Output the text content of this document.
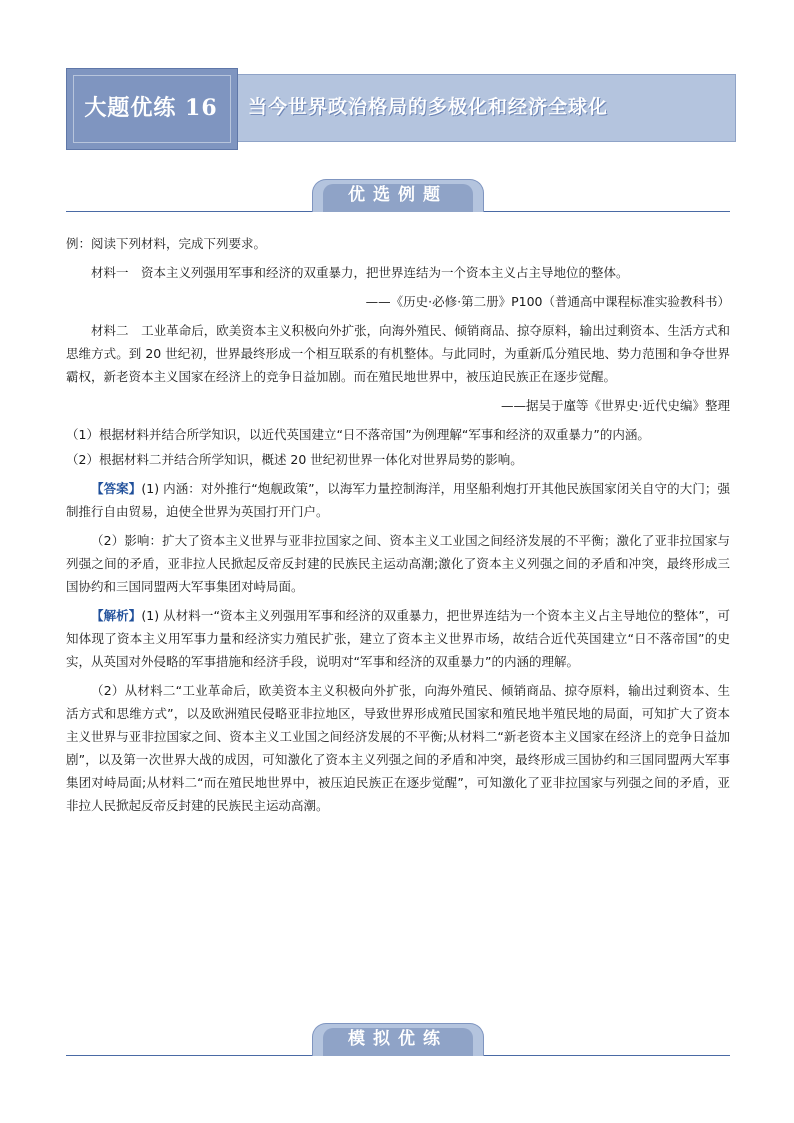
大题优练 16	当今世界政治格局的多极化和经济全球化
优选例题

例：阅读下列材料，完成下列要求。

材料一　资本主义列强用军事和经济的双重暴力，把世界连结为一个资本主义占主导地位的整体。

——《历史·必修·第二册》P100（普通高中课程标准实验教科书）

材料二　工业革命后，欧美资本主义积极向外扩张，向海外殖民、倾销商品、掠夺原料，输出过剩资本、生活方式和思维方式。到 20 世纪初，世界最终形成一个相互联系的有机整体。与此同时，为重新瓜分殖民地、势力范围和争夺世界霸权，新老资本主义国家在经济上的竞争日益加剧。而在殖民地世界中，被压迫民族正在逐步觉醒。

——据吴于廑等《世界史·近代史编》整理

（1）根据材料并结合所学知识，以近代英国建立“日不落帝国”为例理解“军事和经济的双重暴力”的内涵。

（2）根据材料二并结合所学知识，概述 20 世纪初世界一体化对世界局势的影响。

【答案】(1) 内涵：对外推行“炮舰政策”，以海军力量控制海洋，用坚船利炮打开其他民族国家闭关自守的大门；强制推行自由贸易，迫使全世界为英国打开门户。

（2）影响：扩大了资本主义世界与亚非拉国家之间、资本主义工业国之间经济发展的不平衡；激化了亚非拉国家与列强之间的矛盾，亚非拉人民掀起反帝反封建的民族民主运动高潮;激化了资本主义列强之间的矛盾和冲突，最终形成三国协约和三国同盟两大军事集团对峙局面。

【解析】(1) 从材料一“资本主义列强用军事和经济的双重暴力，把世界连结为一个资本主义占主导地位的整体”，可知体现了资本主义用军事力量和经济实力殖民扩张，建立了资本主义世界市场，故结合近代英国建立“日不落帝国”的史实，从英国对外侵略的军事措施和经济手段，说明对“军事和经济的双重暴力”的内涵的理解。

（2）从材料二“工业革命后，欧美资本主义积极向外扩张，向海外殖民、倾销商品、掠夺原料，输出过剩资本、生活方式和思维方式”，以及欧洲殖民侵略亚非拉地区，导致世界形成殖民国家和殖民地半殖民地的局面，可知扩大了资本主义世界与亚非拉国家之间、资本主义工业国之间经济发展的不平衡;从材料二“新老资本主义国家在经济上的竞争日益加剧”，以及第一次世界大战的成因，可知激化了资本主义列强之间的矛盾和冲突，最终形成三国协约和三国同盟两大军事集团对峙局面;从材料二“而在殖民地世界中，被压迫民族正在逐步觉醒”，可知激化了亚非拉国家与列强之间的矛盾，亚非拉人民掀起反帝反封建的民族民主运动高潮。

模拟优练
